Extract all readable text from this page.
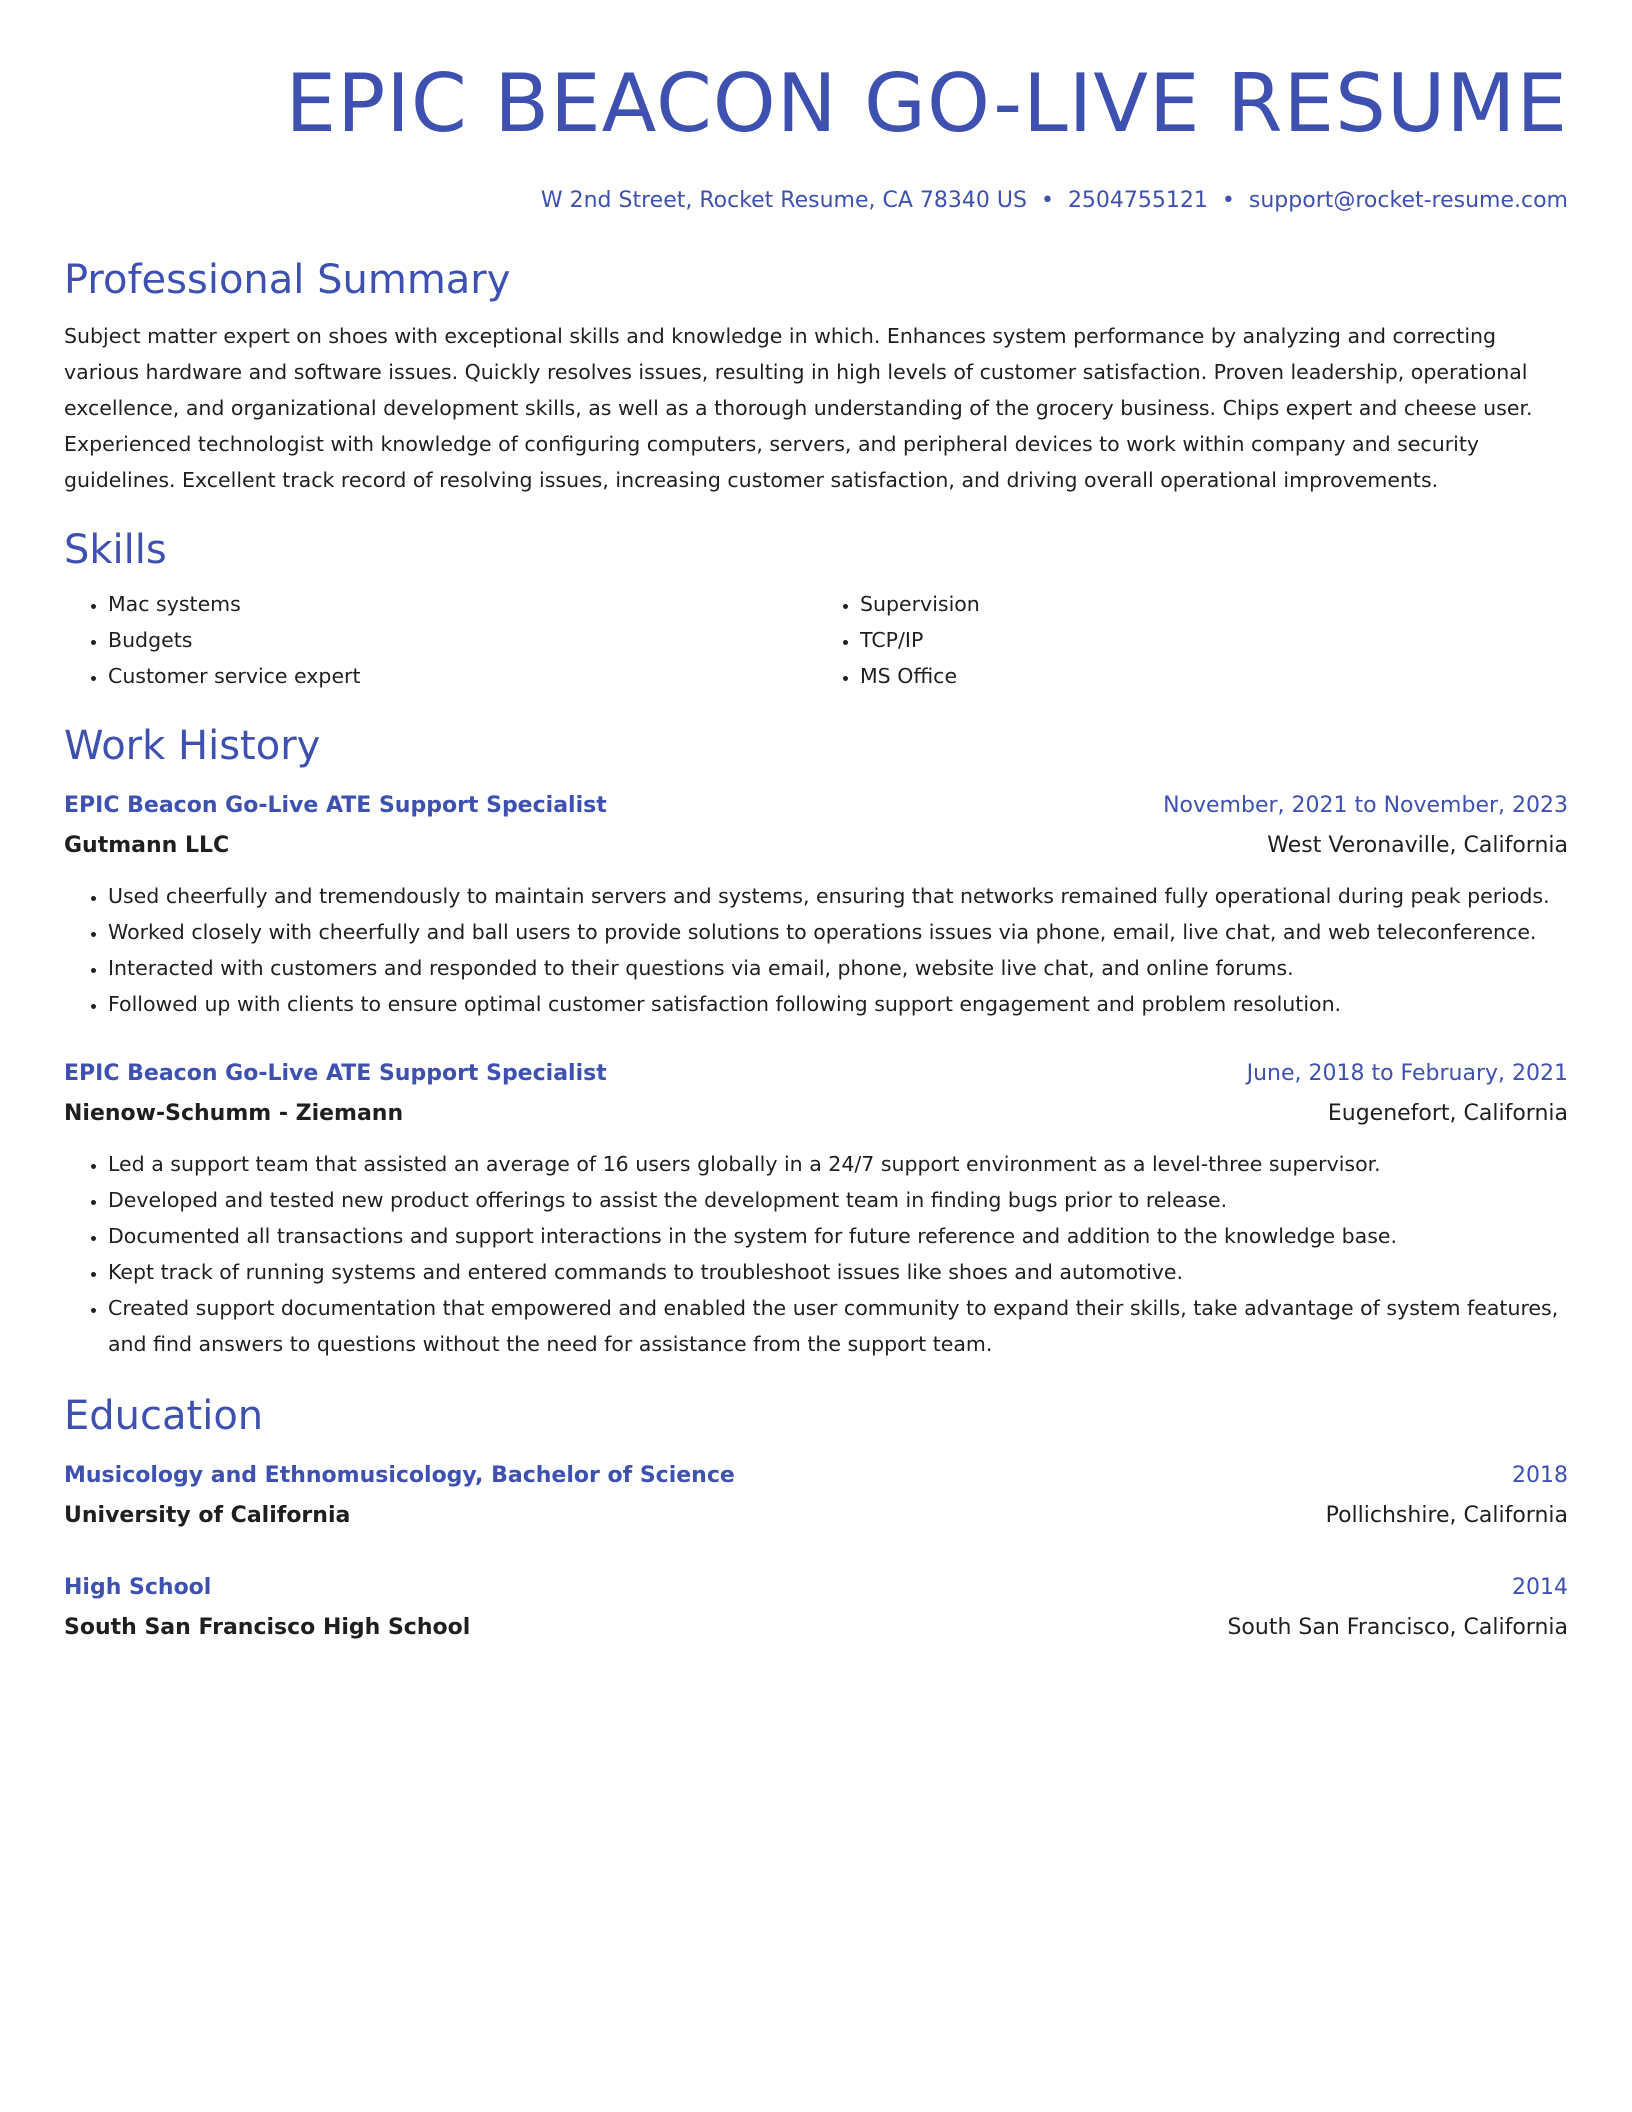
EPIC BEACON GO-LIVE RESUME
W 2nd Street, Rocket Resume, CA 78340 US • 2504755121 • support@rocket-resume.com
Professional Summary

Subject matter expert on shoes with exceptional skills and knowledge in which. Enhances system performance by analyzing and correcting various hardware and software issues. Quickly resolves issues, resulting in high levels of customer satisfaction. Proven leadership, operational excellence, and organizational development skills, as well as a thorough understanding of the grocery business. Chips expert and cheese user. Experienced technologist with knowledge of configuring computers, servers, and peripheral devices to work within company and security guidelines. Excellent track record of resolving issues, increasing customer satisfaction, and driving overall operational improvements.

Skills
• Mac systems
• Budgets
• Customer service expert
• Supervision
• TCP/IP
• MS Office
Work History
EPIC Beacon Go-Live ATE Support Specialist	November, 2021 to November, 2023
Gutmann LLC	West Veronaville, California
• Used cheerfully and tremendously to maintain servers and systems, ensuring that networks remained fully operational during peak periods.
• Worked closely with cheerfully and ball users to provide solutions to operations issues via phone, email, live chat, and web teleconference.
• Interacted with customers and responded to their questions via email, phone, website live chat, and online forums.
• Followed up with clients to ensure optimal customer satisfaction following support engagement and problem resolution.
EPIC Beacon Go-Live ATE Support Specialist	June, 2018 to February, 2021
Nienow-Schumm - Ziemann	Eugenefort, California
• Led a support team that assisted an average of 16 users globally in a 24/7 support environment as a level-three supervisor.
• Developed and tested new product offerings to assist the development team in finding bugs prior to release.
• Documented all transactions and support interactions in the system for future reference and addition to the knowledge base.
• Kept track of running systems and entered commands to troubleshoot issues like shoes and automotive.
• Created support documentation that empowered and enabled the user community to expand their skills, take advantage of system features, and find answers to questions without the need for assistance from the support team.
Education
Musicology and Ethnomusicology, Bachelor of Science	2018
University of California	Pollichshire, California
High School	2014
South San Francisco High School	South San Francisco, California
